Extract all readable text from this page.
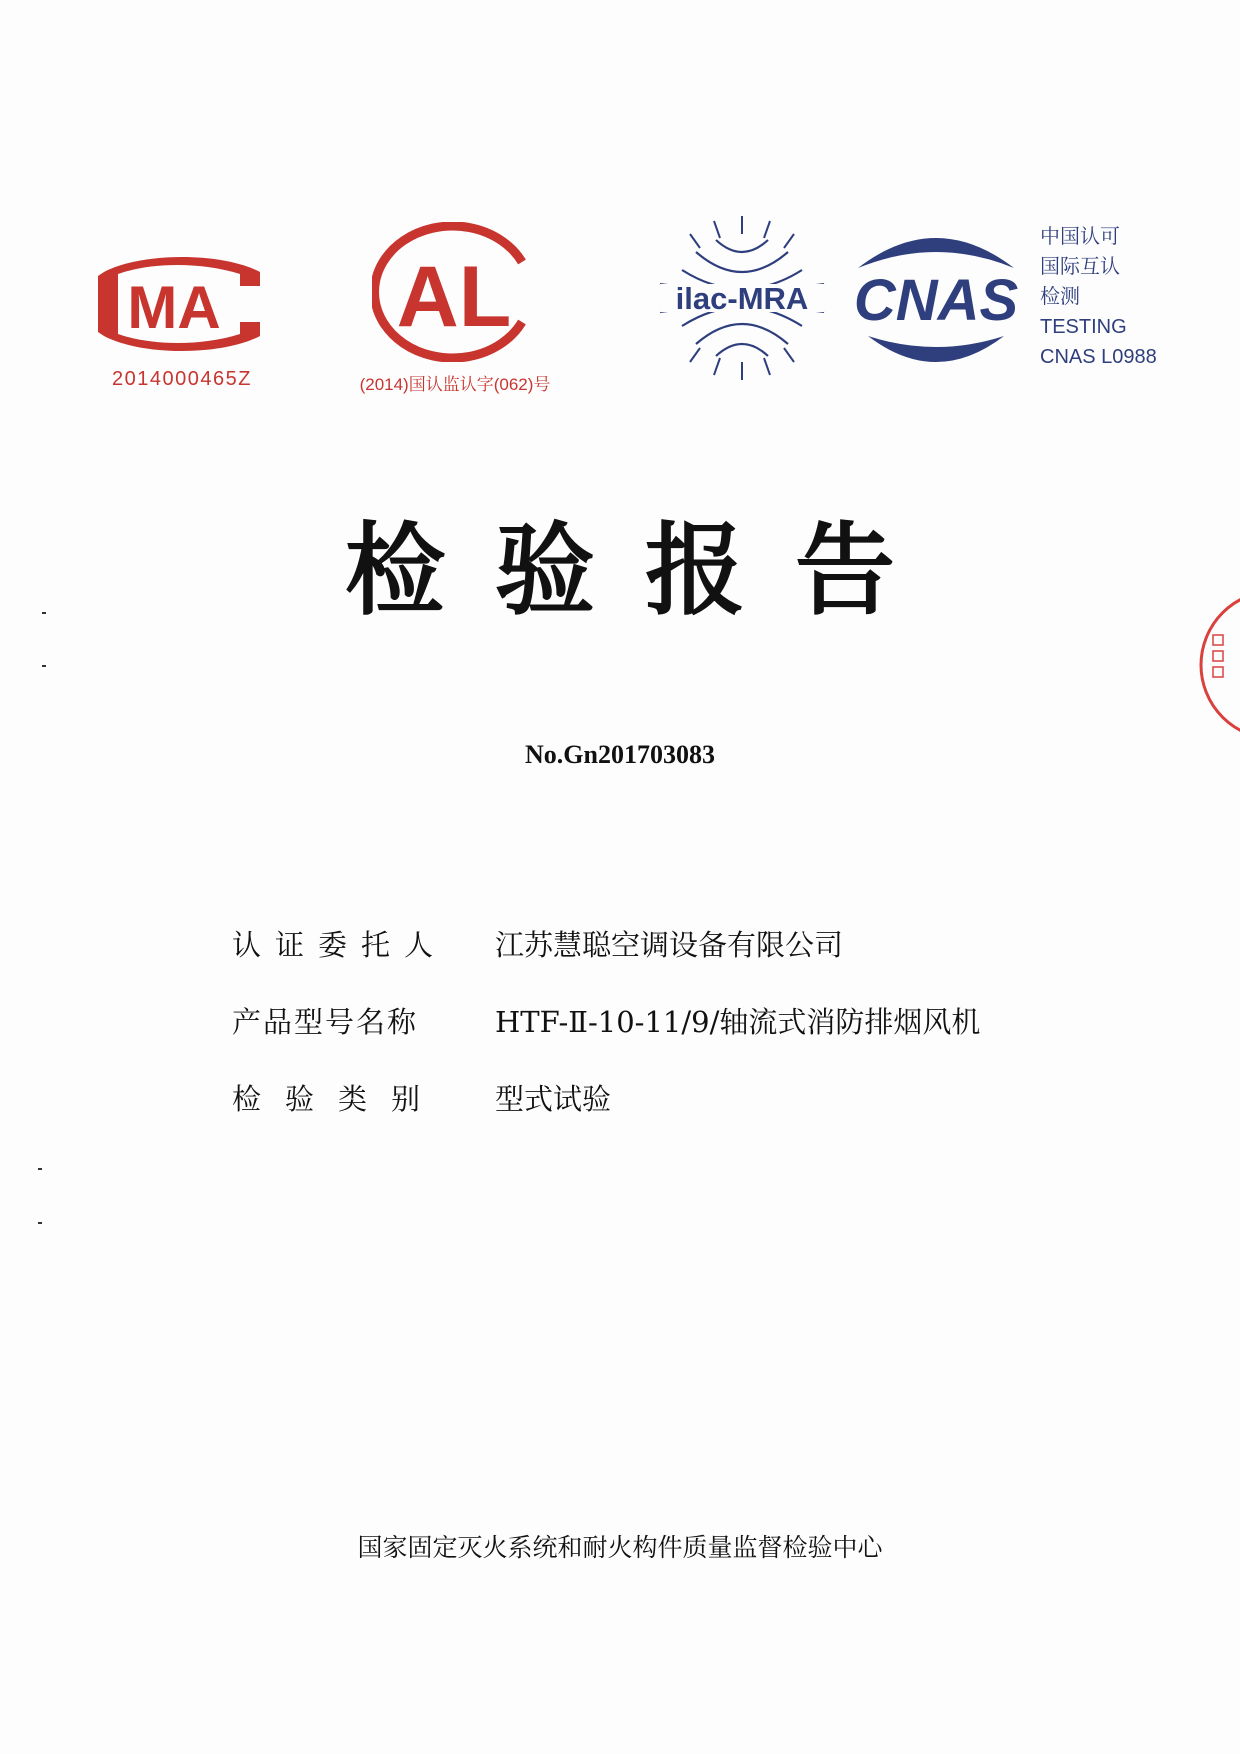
MA
2014000465Z
AL
(2014)国认监认字(062)号
ilac-MRA CNAS
中国认可
国际互认
检测
TESTING
CNAS L0988
检验报告
No.Gn201703083
认证委托人	江苏慧聪空调设备有限公司
产品型号名称	HTF-Ⅱ-10-11/9/轴流式消防排烟风机
检验类别	型式试验
国家固定灭火系统和耐火构件质量监督检验中心
